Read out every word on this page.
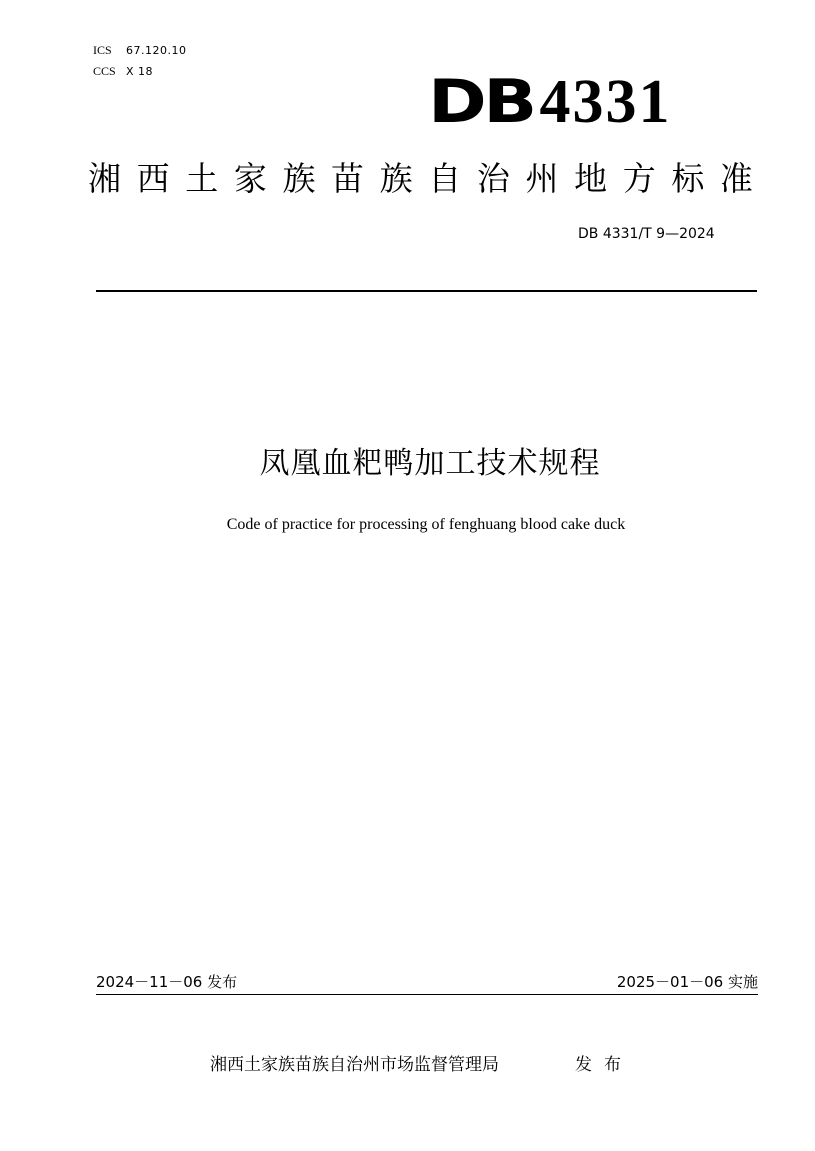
ICS 67.120.10
CCS X 18	DB 4331
湘 西 土 家 族 苗 族 自 治 州 地 方 标 准
DB 4331/T 9—2024
凤凰血粑鸭加工技术规程
Code of practice for processing of fenghuang blood cake duck
2024－11－06 发布	2025－01－06 实施
湘西土家族苗族自治州市场监督管理局	发布
